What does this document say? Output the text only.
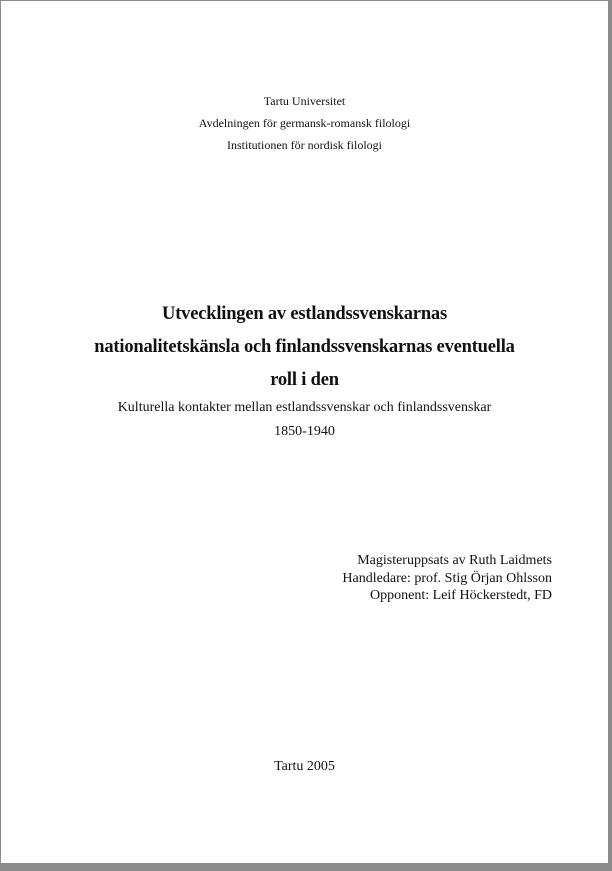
Tartu Universitet
Avdelningen för germansk-romansk filologi
Institutionen för nordisk filologi
Utvecklingen av estlandssvenskarnas
nationalitetskänsla och finlandssvenskarnas eventuella
roll i den
Kulturella kontakter mellan estlandssvenskar och finlandssvenskar
1850-1940
Magisteruppsats av Ruth Laidmets
Handledare: prof. Stig Örjan Ohlsson
Opponent: Leif Höckerstedt, FD
Tartu 2005
